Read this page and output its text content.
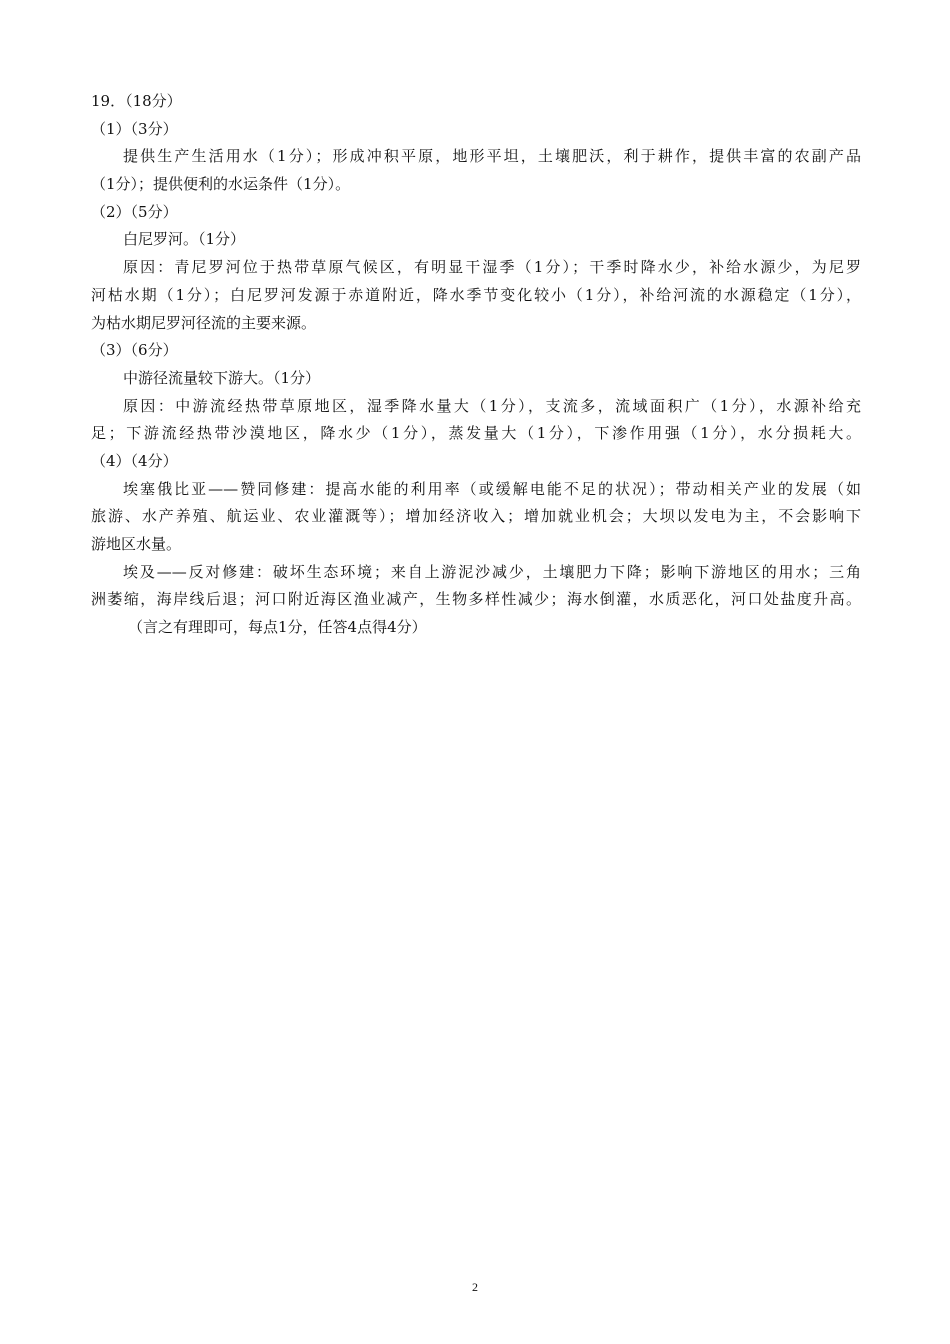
19．（18分）
（1）（3分）
提供生产生活用水（1分）；形成冲积平原，地形平坦，土壤肥沃，利于耕作，提供丰富的农副产品
（1分）；提供便利的水运条件（1分）。
（2）（5分）
白尼罗河。（1分）
原因：青尼罗河位于热带草原气候区，有明显干湿季（1分）；干季时降水少，补给水源少，为尼罗
河枯水期（1分）；白尼罗河发源于赤道附近，降水季节变化较小（1分），补给河流的水源稳定（1分），
为枯水期尼罗河径流的主要来源。
（3）（6分）
中游径流量较下游大。（1分）
原因：中游流经热带草原地区，湿季降水量大（1分），支流多，流域面积广（1分），水源补给充
足；下游流经热带沙漠地区，降水少（1分），蒸发量大（1分），下渗作用强（1分），水分损耗大。
（4）（4分）
埃塞俄比亚——赞同修建：提高水能的利用率（或缓解电能不足的状况）；带动相关产业的发展（如
旅游、水产养殖、航运业、农业灌溉等）；增加经济收入；增加就业机会；大坝以发电为主，不会影响下
游地区水量。
埃及——反对修建：破坏生态环境；来自上游泥沙减少，土壤肥力下降；影响下游地区的用水；三角
洲萎缩，海岸线后退；河口附近海区渔业减产，生物多样性减少；海水倒灌，水质恶化，河口处盐度升高。
（言之有理即可，每点1分，任答4点得4分）
2
